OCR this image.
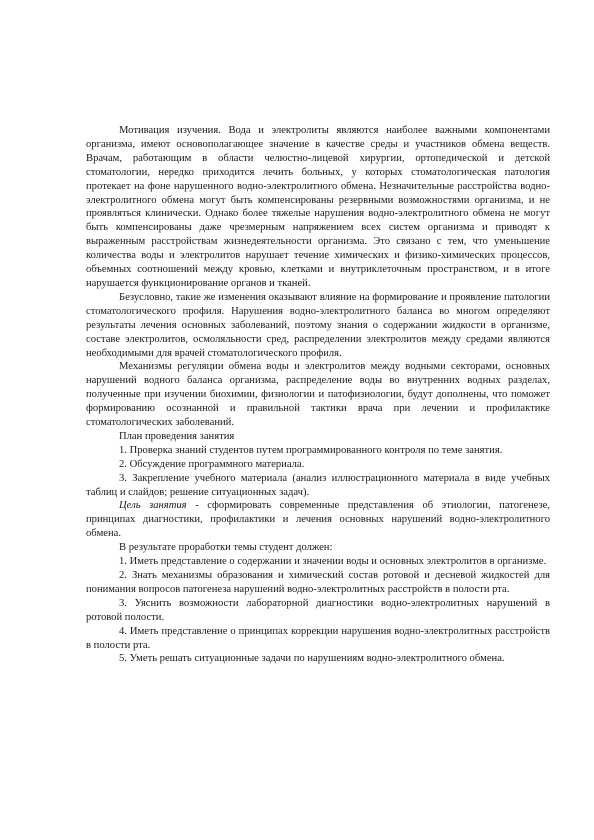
Мотивация изучения. Вода и электролиты являются наиболее важными компонентами организма, имеют основополагающее значение в качестве среды и участников обмена веществ. Врачам, работающим в области челюстно-лицевой хирургии, ортопедической и детской стоматологии, нередко приходится лечить больных, у которых стоматологическая патология протекает на фоне нарушенного водно-электролитного обмена. Незначительные расстройства водно-электролитного обмена могут быть компенсированы резервными возможностями организма, и не проявляться клинически. Однако более тяжелые нарушения водно-электролитного обмена не могут быть компенсированы даже чрезмерным напряжением всех систем организма и приводят к выраженным расстройствам жизнедеятельности организма. Это связано с тем, что уменьшение количества воды и электролитов нарушает течение химических и физико-химических процессов, объемных соотношений между кровью, клетками и внутриклеточным пространством, и в итоге нарушается функционирование органов и тканей.

Безусловно, такие же изменения оказывают влияние на формирование и проявление патологии стоматологического профиля. Нарушения водно-электролитного баланса во многом определяют результаты лечения основных заболеваний, поэтому знания о содержании жидкости в организме, составе электролитов, осмоляльности сред, распределении электролитов между средами являются необходимыми для врачей стоматологического профиля.

Механизмы регуляции обмена воды и электролитов между водными секторами, основных нарушений водного баланса организма, распределение воды во внутренних водных разделах, полученные при изучении биохимии, физиологии и патофизиологии, будут дополнены, что поможет формированию осознанной и правильной тактики врача при лечении и профилактике стоматологических заболеваний.

План проведения занятия

1. Проверка знаний студентов путем программированного контроля по теме занятия.

2. Обсуждение программного материала.

3. Закрепление учебного материала (анализ иллюстрационного материала в виде учебных таблиц и слайдов; решение ситуационных задач).

Цель занятия - сформировать современные представления об этиологии, патогенезе, принципах диагностики, профилактики и лечения основных нарушений водно-электролитного обмена.

В результате проработки темы студент должен:

1. Иметь представление о содержании и значении воды и основных электролитов в организме.

2. Знать механизмы образования и химический состав ротовой и десневой жидкостей для понимания вопросов патогенеза нарушений водно-электролитных расстройств в полости рта.

3. Уяснить возможности лабораторной диагностики водно-электролитных нарушений в ротовой полости.

4. Иметь представление о принципах коррекции нарушения водно-электролитных расстройств в полости рта.

5. Уметь решать ситуационные задачи по нарушениям водно-электролитного обмена.
